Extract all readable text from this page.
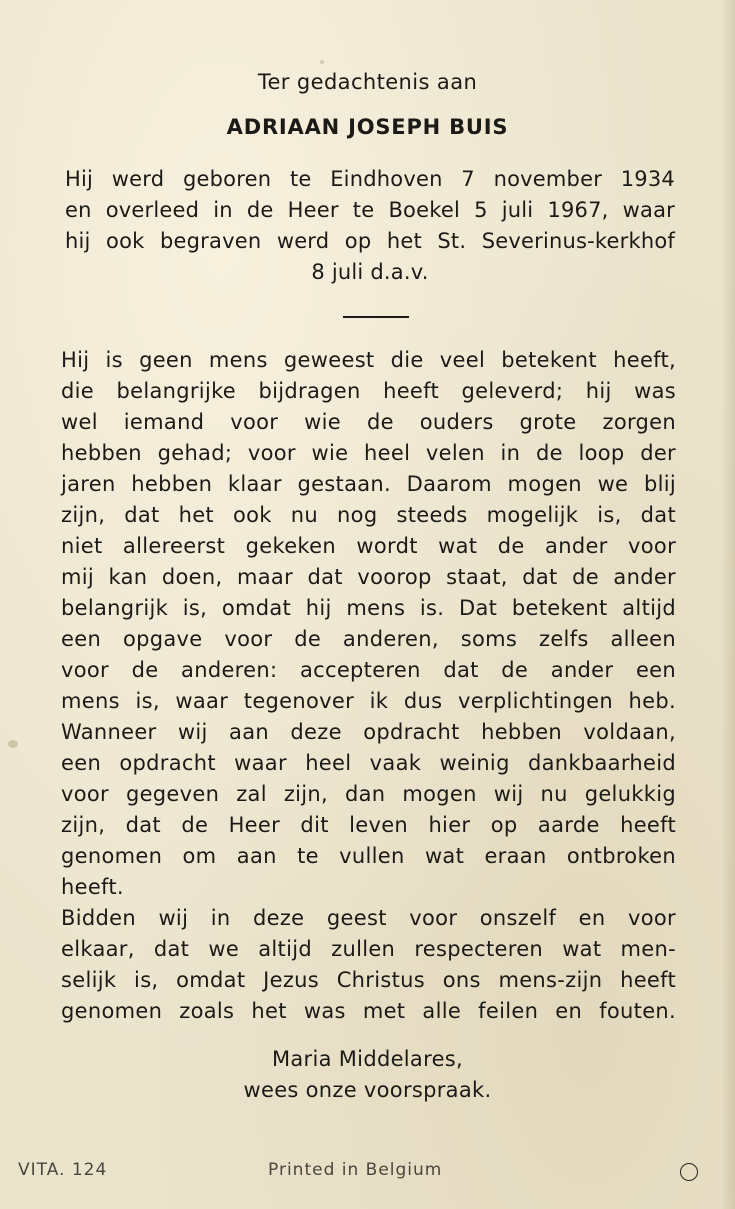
Ter gedachtenis aan
ADRIAAN JOSEPH BUIS
Hij werd geboren te Eindhoven 7 november 1934
en overleed in de Heer te Boekel 5 juli 1967, waar
hij ook begraven werd op het St. Severinus-kerkhof
8 juli d.a.v.
Hij is geen mens geweest die veel betekent heeft,
die belangrijke bijdragen heeft geleverd; hij was
wel iemand voor wie de ouders grote zorgen
hebben gehad; voor wie heel velen in de loop der
jaren hebben klaar gestaan. Daarom mogen we blij
zijn, dat het ook nu nog steeds mogelijk is, dat
niet allereerst gekeken wordt wat de ander voor
mij kan doen, maar dat voorop staat, dat de ander
belangrijk is, omdat hij mens is. Dat betekent altijd
een opgave voor de anderen, soms zelfs alleen
voor de anderen: accepteren dat de ander een
mens is, waar tegenover ik dus verplichtingen heb.
Wanneer wij aan deze opdracht hebben voldaan,
een opdracht waar heel vaak weinig dankbaarheid
voor gegeven zal zijn, dan mogen wij nu gelukkig
zijn, dat de Heer dit leven hier op aarde heeft
genomen om aan te vullen wat eraan ontbroken
heeft.
Bidden wij in deze geest voor onszelf en voor
elkaar, dat we altijd zullen respecteren wat men-
selijk is, omdat Jezus Christus ons mens-zijn heeft
genomen zoals het was met alle feilen en fouten.
Maria Middelares,
wees onze voorspraak.
VITA. 124	Printed in Belgium
